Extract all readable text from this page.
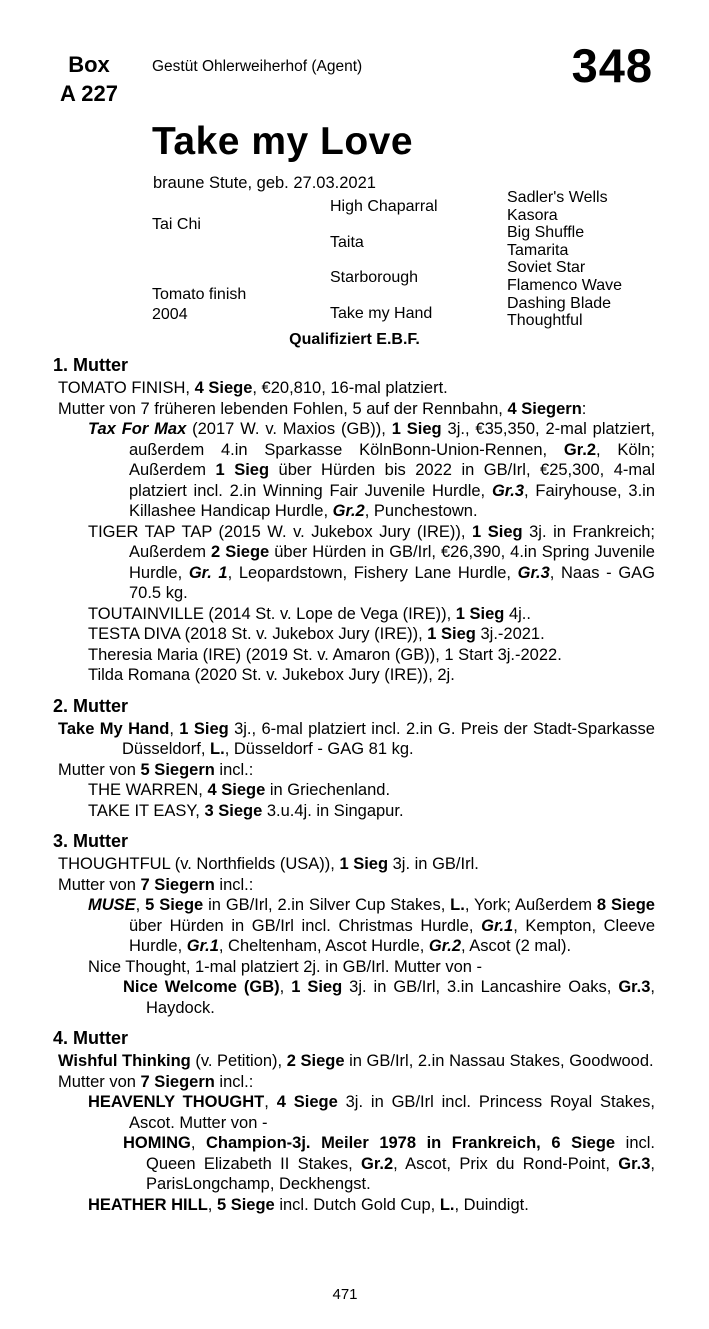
Box
A 227
Gestüt Ohlerweiherhof (Agent)	348
Take my Love
braune Stute, geb. 27.03.2021
Tai Chi
Tomato finish
2004
High Chaparral
Taita
Starborough
Take my Hand
Sadler's Wells
Kasora
Big Shuffle
Tamarita
Soviet Star
Flamenco Wave
Dashing Blade
Thoughtful
Qualifiziert E.B.F.
1. Mutter

TOMATO FINISH, 4 Siege, €20,810, 16-mal platziert.

Mutter von 7 früheren lebenden Fohlen, 5 auf der Rennbahn, 4 Siegern:

Tax For Max (2017 W. v. Maxios (GB)), 1 Sieg 3j., €35,350, 2-mal platziert, außerdem 4.in Sparkasse KölnBonn-Union-Rennen, Gr.2, Köln; Außerdem 1 Sieg über Hürden bis 2022 in GB/Irl, €25,300, 4-mal platziert incl. 2.in Winning Fair Juvenile Hurdle, Gr.3, Fairyhouse, 3.in Killashee Handicap Hurdle, Gr.2, Punchestown.

TIGER TAP TAP (2015 W. v. Jukebox Jury (IRE)), 1 Sieg 3j. in Frankreich; Außerdem 2 Siege über Hürden in GB/Irl, €26,390, 4.in Spring Juvenile Hurdle, Gr. 1, Leopardstown, Fishery Lane Hurdle, Gr.3, Naas - GAG 70.5 kg.

TOUTAINVILLE (2014 St. v. Lope de Vega (IRE)), 1 Sieg 4j..

TESTA DIVA (2018 St. v. Jukebox Jury (IRE)), 1 Sieg 3j.-2021.

Theresia Maria (IRE) (2019 St. v. Amaron (GB)), 1 Start 3j.-2022.

Tilda Romana (2020 St. v. Jukebox Jury (IRE)), 2j.

2. Mutter

Take My Hand, 1 Sieg 3j., 6-mal platziert incl. 2.in G. Preis der Stadt-Sparkasse Düsseldorf, L., Düsseldorf - GAG 81 kg.

Mutter von 5 Siegern incl.:

THE WARREN, 4 Siege in Griechenland.

TAKE IT EASY, 3 Siege 3.u.4j. in Singapur.

3. Mutter

THOUGHTFUL (v. Northfields (USA)), 1 Sieg 3j. in GB/Irl.

Mutter von 7 Siegern incl.:

MUSE, 5 Siege in GB/Irl, 2.in Silver Cup Stakes, L., York; Außerdem 8 Siege über Hürden in GB/Irl incl. Christmas Hurdle, Gr.1, Kempton, Cleeve Hurdle, Gr.1, Cheltenham, Ascot Hurdle, Gr.2, Ascot (2 mal).

Nice Thought, 1-mal platziert 2j. in GB/Irl. Mutter von -

Nice Welcome (GB), 1 Sieg 3j. in GB/Irl, 3.in Lancashire Oaks, Gr.3, Haydock.

4. Mutter

Wishful Thinking (v. Petition), 2 Siege in GB/Irl, 2.in Nassau Stakes, Goodwood.

Mutter von 7 Siegern incl.:

HEAVENLY THOUGHT, 4 Siege 3j. in GB/Irl incl. Princess Royal Stakes, Ascot. Mutter von -

HOMING, Champion-3j. Meiler 1978 in Frankreich, 6 Siege incl. Queen Elizabeth II Stakes, Gr.2, Ascot, Prix du Rond-Point, Gr.3, ParisLongchamp, Deckhengst.

HEATHER HILL, 5 Siege incl. Dutch Gold Cup, L., Duindigt.

471
